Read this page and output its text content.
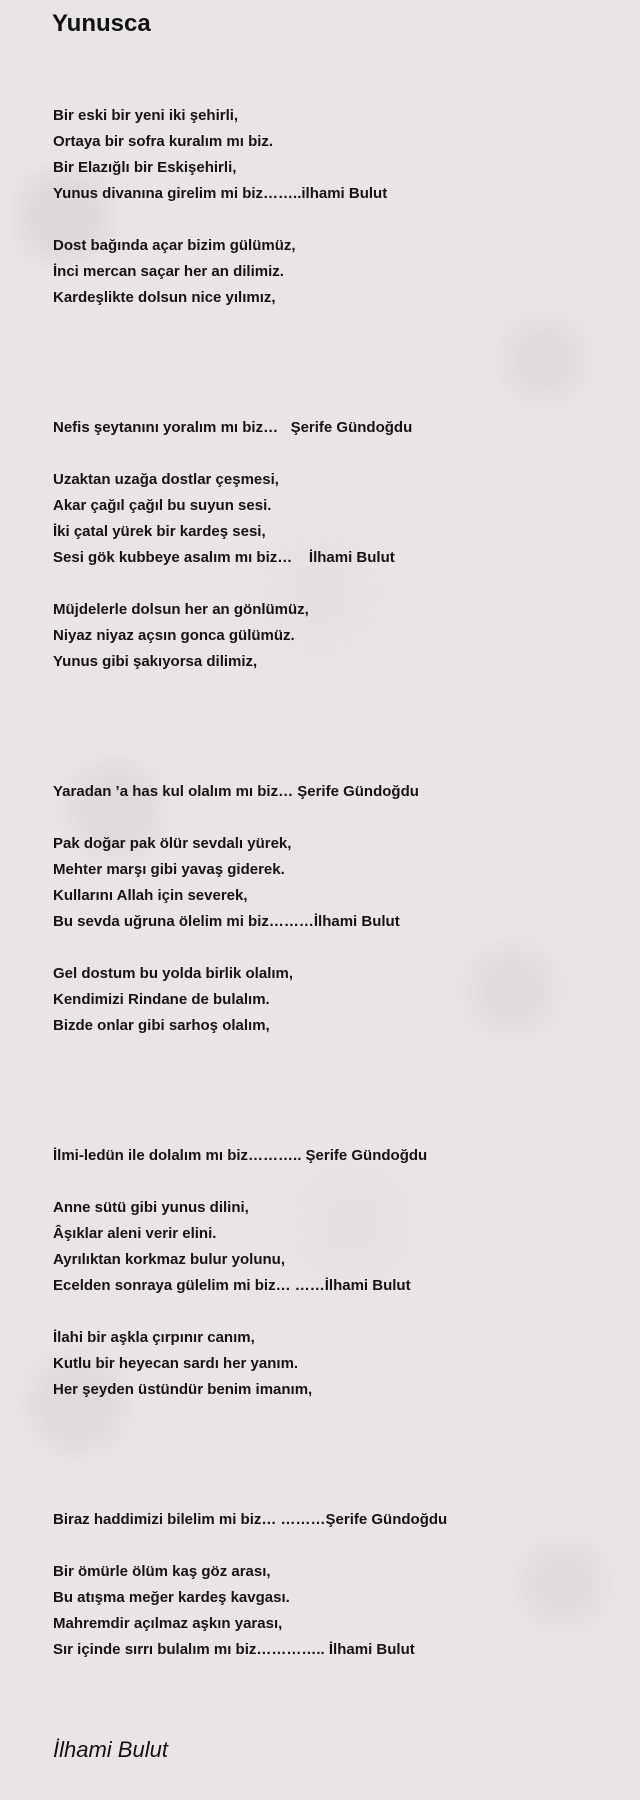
Yunusca
Bir eski bir yeni iki şehirli,
Ortaya bir sofra kuralım mı biz.
Bir Elazığlı bir Eskişehirli,
Yunus divanına girelim mi biz……..ilhami Bulut
Dost bağında açar bizim gülümüz,
İnci mercan saçar her an dilimiz.
Kardeşlikte dolsun nice yılımız,
Nefis şeytanını yoralım mı biz…   Şerife Gündoğdu
Uzaktan uzağa dostlar çeşmesi,
Akar çağıl çağıl bu suyun sesi.
İki çatal yürek bir kardeş sesi,
Sesi gök kubbeye asalım mı biz…    İlhami Bulut
Müjdelerle dolsun her an gönlümüz,
Niyaz niyaz açsın gonca gülümüz.
Yunus gibi şakıyorsa dilimiz,
Yaradan ’a has kul olalım mı biz… Şerife Gündoğdu
Pak doğar pak ölür sevdalı yürek,
Mehter marşı gibi yavaş giderek.
Kullarını Allah için severek,
Bu sevda uğruna ölelim mi biz………İlhami Bulut
Gel dostum bu yolda birlik olalım,
Kendimizi Rindane de bulalım.
Bizde onlar gibi sarhoş olalım,
İlmi-ledün ile dolalım mı biz……….. Şerife Gündoğdu
Anne sütü gibi yunus dilini,
Âşıklar aleni verir elini.
Ayrılıktan korkmaz bulur yolunu,
Ecelden sonraya gülelim mi biz… ……İlhami Bulut
İlahi bir aşkla çırpınır canım,
Kutlu bir heyecan sardı her yanım.
Her şeyden üstündür benim imanım,
Biraz haddimizi bilelim mi biz… ………Şerife Gündoğdu
Bir ömürle ölüm kaş göz arası,
Bu atışma meğer kardeş kavgası.
Mahremdir açılmaz aşkın yarası,
Sır içinde sırrı bulalım mı biz………….. İlhami Bulut

İlhami Bulut
